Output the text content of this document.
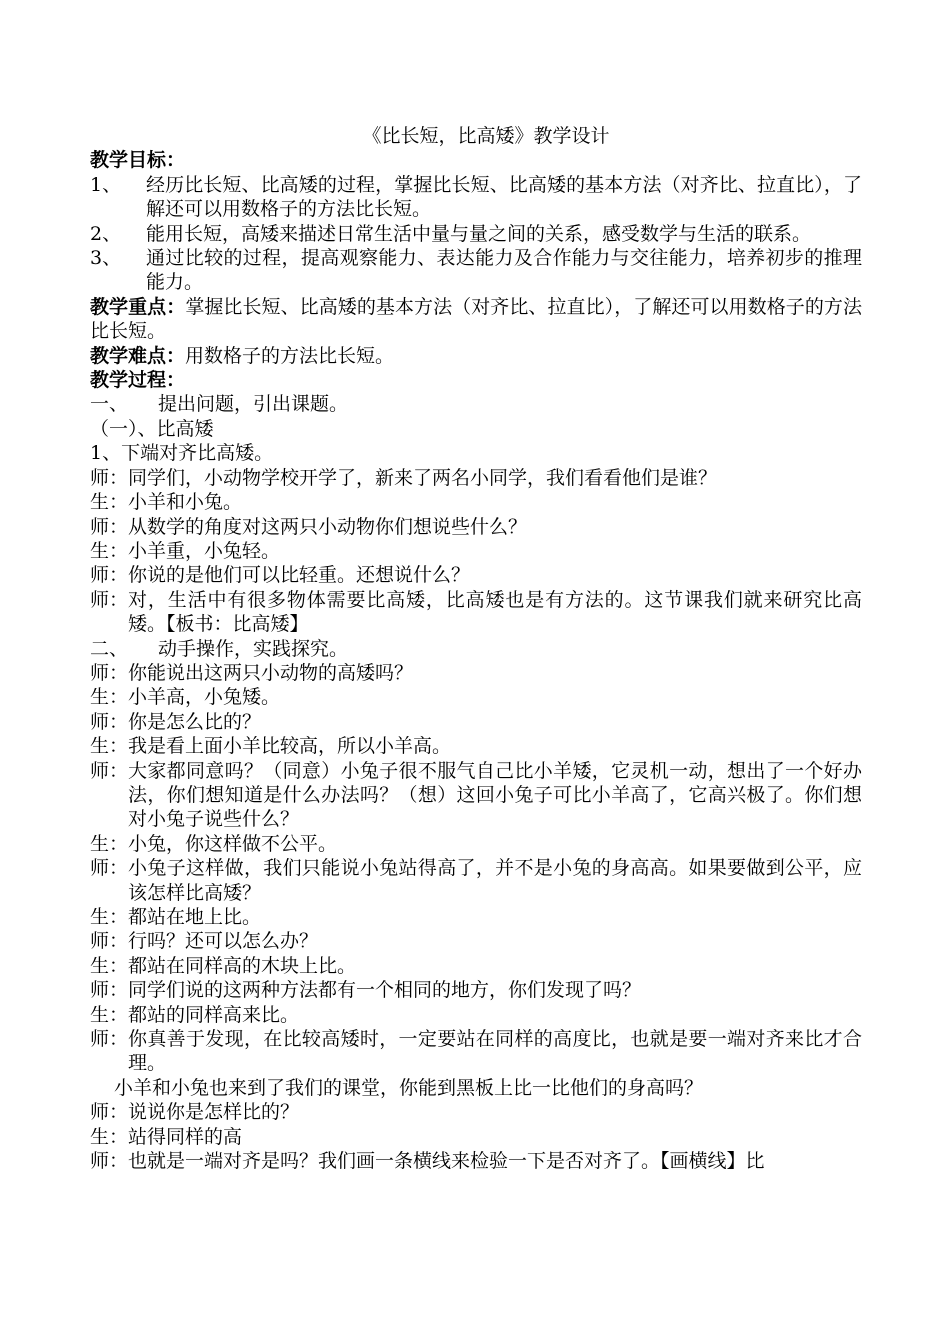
《比长短，比高矮》教学设计
教学目标：
1、	经历比长短、比高矮的过程，掌握比长短、比高矮的基本方法（对齐比、拉直比），了解还可以用数格子的方法比长短。
2、	能用长短，高矮来描述日常生活中量与量之间的关系，感受数学与生活的联系。
3、	通过比较的过程，提高观察能力、表达能力及合作能力与交往能力，培养初步的推理能力。
教学重点：掌握比长短、比高矮的基本方法（对齐比、拉直比），了解还可以用数格子的方法比长短。
教学难点：用数格子的方法比长短。
教学过程：
一、	提出问题，引出课题。
（一）、比高矮
1、下端对齐比高矮。
师： 同学们，小动物学校开学了，新来了两名小同学，我们看看他们是谁？
生： 小羊和小兔。
师： 从数学的角度对这两只小动物你们想说些什么？
生： 小羊重，小兔轻。
师： 你说的是他们可以比轻重。还想说什么？
师： 对，生活中有很多物体需要比高矮，比高矮也是有方法的。这节课我们就来研究比高矮。【板书：比高矮】
二、	动手操作，实践探究。
师： 你能说出这两只小动物的高矮吗？
生： 小羊高，小兔矮。
师： 你是怎么比的？
生： 我是看上面小羊比较高，所以小羊高。
师： 大家都同意吗？（同意）小兔子很不服气自己比小羊矮，它灵机一动，想出了一个好办法，你们想知道是什么办法吗？（想）这回小兔子可比小羊高了，它高兴极了。你们想对小兔子说些什么？
生： 小兔，你这样做不公平。
师： 小兔子这样做，我们只能说小兔站得高了，并不是小兔的身高高。如果要做到公平，应该怎样比高矮？
生： 都站在地上比。
师： 行吗？还可以怎么办？
生： 都站在同样高的木块上比。
师： 同学们说的这两种方法都有一个相同的地方，你们发现了吗？
生： 都站的同样高来比。
师： 你真善于发现，在比较高矮时，一定要站在同样的高度比，也就是要一端对齐来比才合理。
小羊和小兔也来到了我们的课堂，你能到黑板上比一比他们的身高吗？
师： 说说你是怎样比的？
生： 站得同样的高
师： 也就是一端对齐是吗？我们画一条横线来检验一下是否对齐了。【画横线】比
